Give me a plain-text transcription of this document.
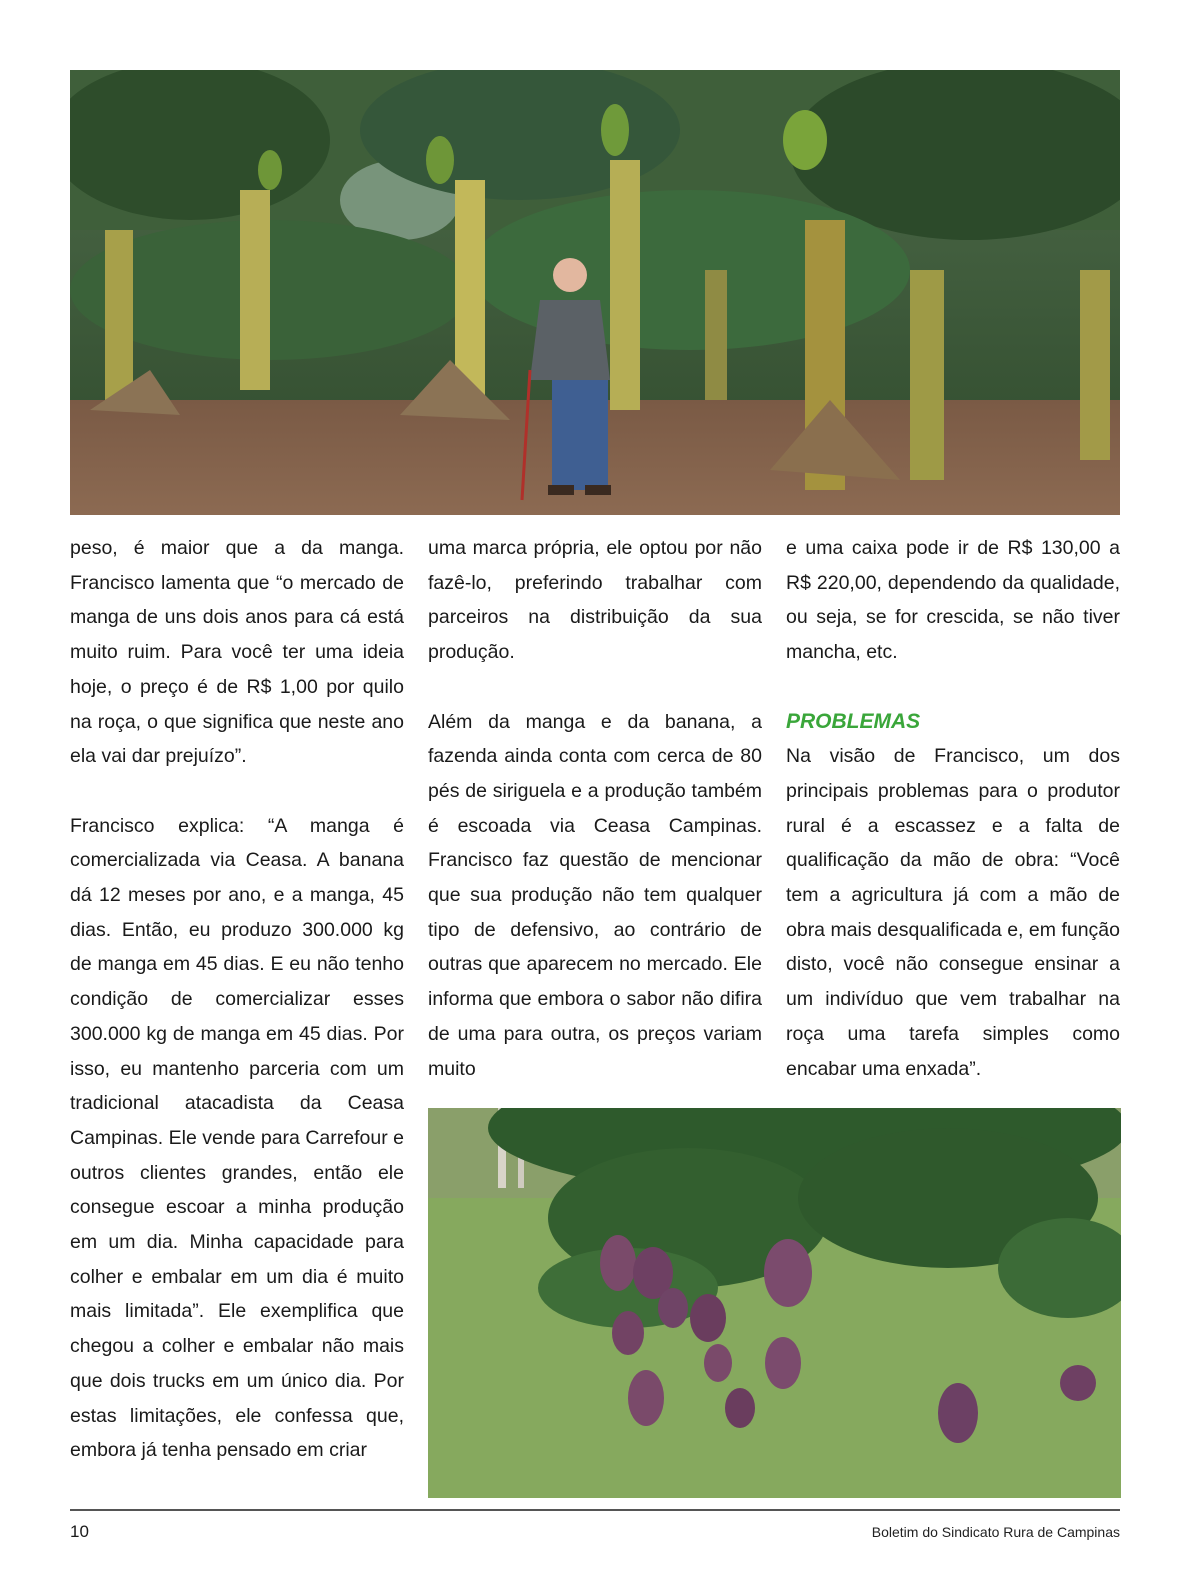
peso, é maior que a da manga. Francisco lamenta que “o mercado de manga de uns dois anos para cá está muito ruim. Para você ter uma ideia hoje, o preço é de R$ 1,00 por quilo na roça, o que significa que neste ano ela vai dar prejuízo”.

Francisco explica: “A manga é comercializada via Ceasa. A banana dá 12 meses por ano, e a manga, 45 dias. Então, eu produzo 300.000 kg de manga em 45 dias. E eu não tenho condição de comercializar esses 300.000 kg de manga em 45 dias. Por isso, eu mantenho parceria com um tradicional atacadista da Ceasa Campinas. Ele vende para Carrefour e outros clientes grandes, então ele consegue escoar a minha produção em um dia. Minha capacidade para colher e embalar em um dia é muito mais limitada”. Ele exemplifica que chegou a colher e embalar não mais que dois trucks em um único dia. Por estas limitações, ele confessa que, embora já tenha pensado em criar

uma marca própria, ele optou por não fazê-lo, preferindo trabalhar com parceiros na distribuição da sua produção.

Além da manga e da banana, a fazenda ainda conta com cerca de 80 pés de siriguela e a produção também é escoada via Ceasa Campinas. Francisco faz questão de mencionar que sua produção não tem qualquer tipo de defensivo, ao contrário de outras que aparecem no mercado. Ele informa que embora o sabor não difira de uma para outra, os preços variam muito

e uma caixa pode ir de R$ 130,00 a R$ 220,00, dependendo da qualidade, ou seja, se for crescida, se não tiver mancha, etc.

PROBLEMAS

Na visão de Francisco, um dos principais problemas para o produtor rural é a escassez e a falta de qualificação da mão de obra: “Você tem a agricultura já com a mão de obra mais desqualificada e, em função disto, você não consegue ensinar a um indivíduo que vem trabalhar na roça uma tarefa simples como encabar uma enxada”.

10	Boletim do Sindicato Rura de Campinas
